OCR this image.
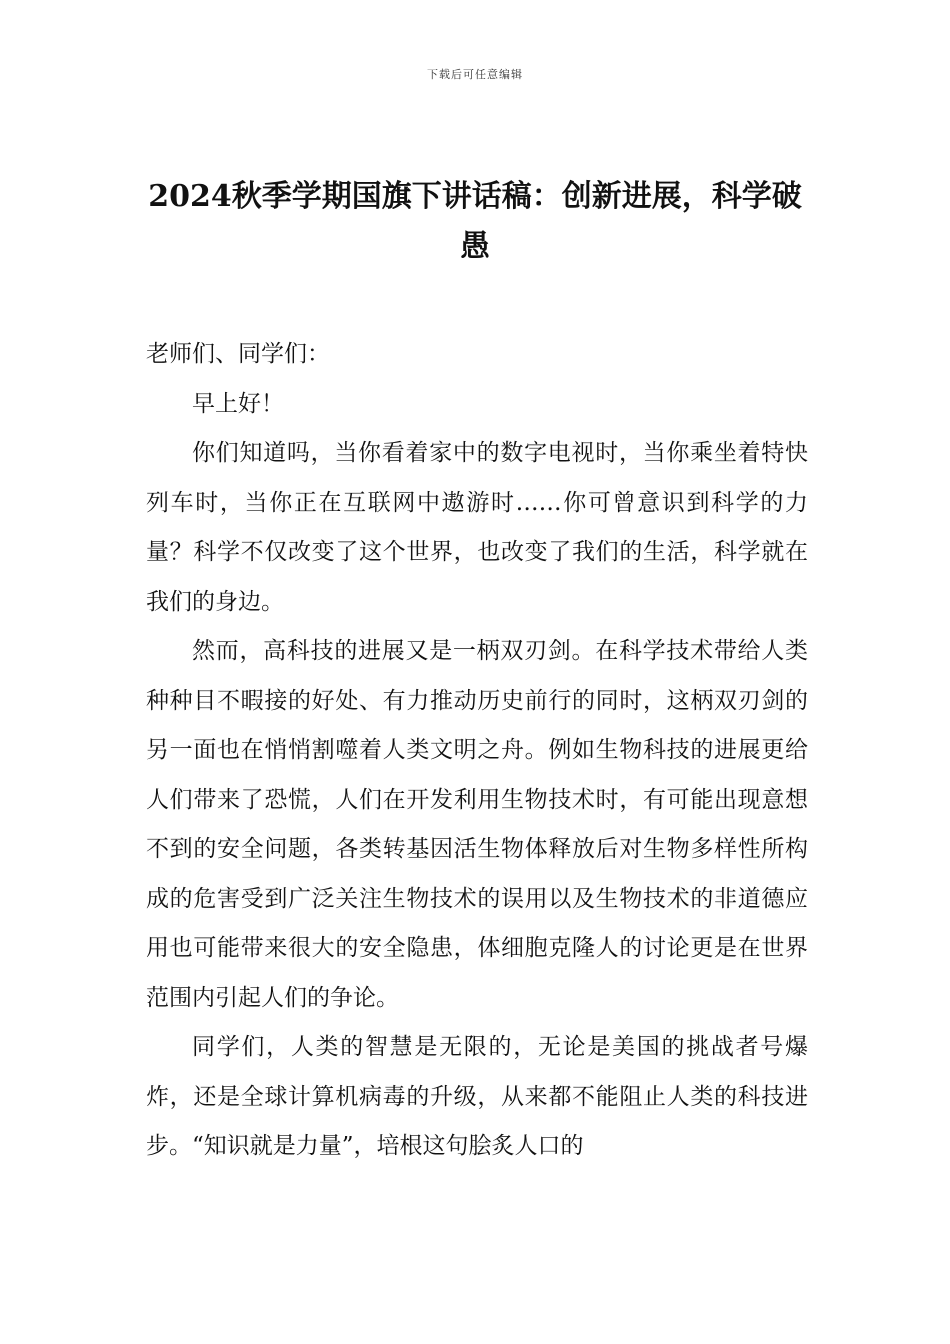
下载后可任意编辑
2024秋季学期国旗下讲话稿：创新进展，科学破愚

老师们、同学们：

早上好！

你们知道吗，当你看着家中的数字电视时，当你乘坐着特快列车时，当你正在互联网中遨游时……你可曾意识到科学的力量？科学不仅改变了这个世界，也改变了我们的生活，科学就在我们的身边。

然而，高科技的进展又是一柄双刃剑。在科学技术带给人类种种目不暇接的好处、有力推动历史前行的同时，这柄双刃剑的另一面也在悄悄割噬着人类文明之舟。例如生物科技的进展更给人们带来了恐慌，人们在开发利用生物技术时，有可能出现意想不到的安全问题，各类转基因活生物体释放后对生物多样性所构成的危害受到广泛关注生物技术的误用以及生物技术的非道德应用也可能带来很大的安全隐患，体细胞克隆人的讨论更是在世界范围内引起人们的争论。

同学们，人类的智慧是无限的，无论是美国的挑战者号爆炸，还是全球计算机病毒的升级，从来都不能阻止人类的科技进步。“知识就是力量”，培根这句脍炙人口的
